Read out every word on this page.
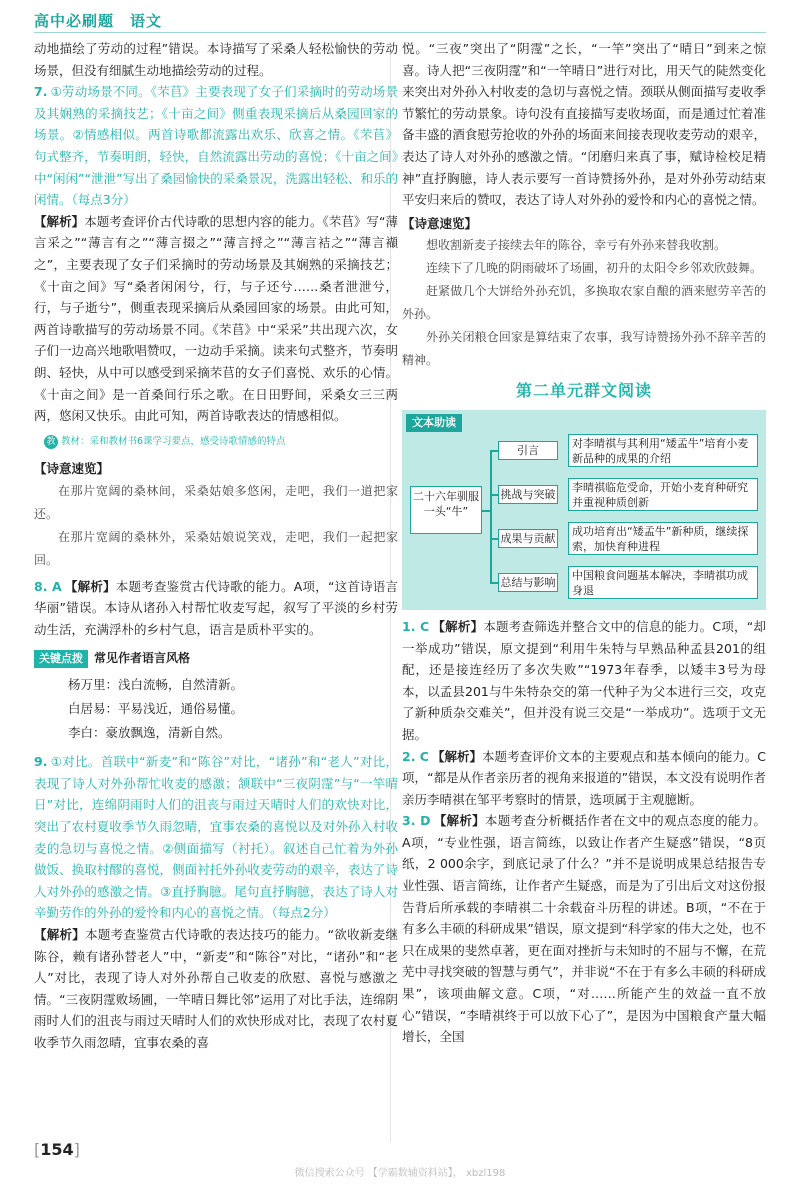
高中必刷题　语文

动地描绘了劳动的过程”错误。本诗描写了采桑人轻松愉快的劳动场景，但没有细腻生动地描绘劳动的过程。

7. ①劳动场景不同。《芣苢》主要表现了女子们采摘时的劳动场景及其娴熟的采摘技艺；《十亩之间》侧重表现采摘后从桑园回家的场景。②情感相似。两首诗歌都流露出欢乐、欣喜之情。《芣苢》句式整齐，节奏明朗，轻快，自然流露出劳动的喜悦；《十亩之间》中“闲闲”“泄泄”写出了桑园愉快的采桑景况，洗露出轻松、和乐的闲情。（每点3分）

【解析】本题考查评价古代诗歌的思想内容的能力。《芣苢》写“薄言采之”“薄言有之”“薄言掇之”“薄言捋之”“薄言袺之”“薄言襭之”，主要表现了女子们采摘时的劳动场景及其娴熟的采摘技艺；《十亩之间》写“桑者闲闲兮，行，与子还兮……桑者泄泄兮，行，与子逝兮”，侧重表现采摘后从桑园回家的场景。由此可知，两首诗歌描写的劳动场景不同。《芣苢》中“采采”共出现六次，女子们一边高兴地歌唱赞叹，一边动手采摘。读来句式整齐，节奏明朗、轻快，从中可以感受到采摘芣苢的女子们喜悦、欢乐的心情。《十亩之间》是一首桑间行乐之歌。在日田野间，采桑女三三两两，悠闲又快乐。由此可知，两首诗歌表达的情感相似。

教 教材：采和教材书6课学习要点，感受诗歌情感的特点

【诗意速览】

在那片宽阔的桑林间，采桑姑娘多悠闲，走吧，我们一道把家还。

在那片宽阔的桑林外，采桑姑娘说笑戏，走吧，我们一起把家回。

8. A 【解析】本题考查鉴赏古代诗歌的能力。A项，“这首诗语言华丽”错误。本诗从诸孙入村帮忙收麦写起，叙写了平淡的乡村劳动生活，充满浮朴的乡村气息，语言是质朴平实的。

关键点拨 常见作者语言风格
杨万里：浅白流畅，自然清新。
白居易：平易浅近，通俗易懂。
李白：豪放飘逸，清新自然。

9. ①对比。首联中“新麦”和“陈谷”对比，“诸孙”和“老人”对比，表现了诗人对外孙帮忙收麦的感激；颔联中“三夜阴霪”与“一竿晴日”对比，连绵阴雨时人们的沮丧与雨过天晴时人们的欢快对比，突出了农村夏收季节久雨忽晴，宜事农桑的喜悦以及对外孙入村收麦的急切与喜悦之情。②侧面描写（衬托）。叙述自己忙着为外孙做饭、换取村醪的喜悦，侧面衬托外孙收麦劳动的艰辛，表达了诗人对外孙的感激之情。③直抒胸臆。尾句直抒胸臆，表达了诗人对辛勤劳作的外孙的爱怜和内心的喜悦之情。（每点2分）

【解析】本题考查鉴赏古代诗歌的表达技巧的能力。“欲收新麦继陈谷，赖有诸孙替老人”中，“新麦”和“陈谷”对比，“诸孙”和“老人”对比，表现了诗人对外孙帮自己收麦的欣慰、喜悦与感激之情。“三夜阴霪败场圃，一竿晴日舞比邻”运用了对比手法，连绵阴雨时人们的沮丧与雨过天晴时人们的欢快形成对比，表现了农村夏收季节久雨忽晴，宜事农桑的喜

悦。“三夜”突出了“阴霪”之长，“一竿”突出了“晴日”到来之惊喜。诗人把“三夜阴霪”和“一竿晴日”进行对比，用天气的陡然变化来突出对外孙入村收麦的急切与喜悦之情。颈联从侧面描写麦收季节繁忙的劳动景象。诗句没有直接描写麦收场面，而是通过忙着准备丰盛的酒食慰劳抢收的外孙的场面来间接表现收麦劳动的艰辛，表达了诗人对外孙的感激之情。“闭磨归来真了事，赋诗检校足精神”直抒胸臆，诗人表示要写一首诗赞扬外孙，是对外孙劳动结束平安归来后的赞叹，表达了诗人对外孙的爱怜和内心的喜悦之情。

【诗意速览】

想收割新麦子接续去年的陈谷，幸亏有外孙来替我收割。

连续下了几晚的阴雨破坏了场圃，初升的太阳令乡邻欢欣鼓舞。

赶紧做几个大饼给外孙充饥，多换取农家自酿的酒来慰劳辛苦的外孙。

外孙关闭粮仓回家是算结束了农事，我写诗赞扬外孙不辞辛苦的精神。

第二单元群文阅读
文本助读
二十六年驯服一头“牛”
引言
对李晴祺与其利用“矮孟牛”培育小麦新品种的成果的介绍
挑战与突破
李晴祺临危受命，开始小麦育种研究并重视种质创新
成果与贡献
成功培育出“矮孟牛”新种质，继续探索，加快育种进程
总结与影响
中国粮食问题基本解决，李晴祺功成身退

1. C 【解析】本题考查筛选并整合文中的信息的能力。C项，“却一举成功”错误，原文提到“利用牛朱特与早熟品种孟县201的组配，还是接连经历了多次失败”“1973年春季，以矮丰3号为母本，以孟县201与牛朱特杂交的第一代种子为父本进行三交，攻克了新种质杂交难关”，但并没有说三交是“一举成功”。选项于文无据。

2. C 【解析】本题考查评价文本的主要观点和基本倾向的能力。C项，“都是从作者亲历者的视角来报道的”错误，本文没有说明作者亲历李晴祺在邹平考察时的情景，选项属于主观臆断。

3. D 【解析】本题考查分析概括作者在文中的观点态度的能力。A项，“专业性强，语言简练，以致让作者产生疑惑”错误，“8页纸，2 000余字，到底记录了什么？”并不是说明成果总结报告专业性强、语言简练，让作者产生疑惑，而是为了引出后文对这份报告背后所承载的李晴祺二十余载奋斗历程的讲述。B项，“不在于有多么丰硕的科研成果”错误，原文提到“科学家的伟大之处，也不只在成果的斐然卓著，更在面对挫折与未知时的不屈与不懈，在荒芜中寻找突破的智慧与勇气”，并非说“不在于有多么丰硕的科研成果”，该项曲解文意。C项，“对……所能产生的效益一直不放心”错误，“李晴祺终于可以放下心了”，是因为中国粮食产量大幅增长，全国

[154]
微信搜索公众号 【学霸数辅资料站】， xbzl198
